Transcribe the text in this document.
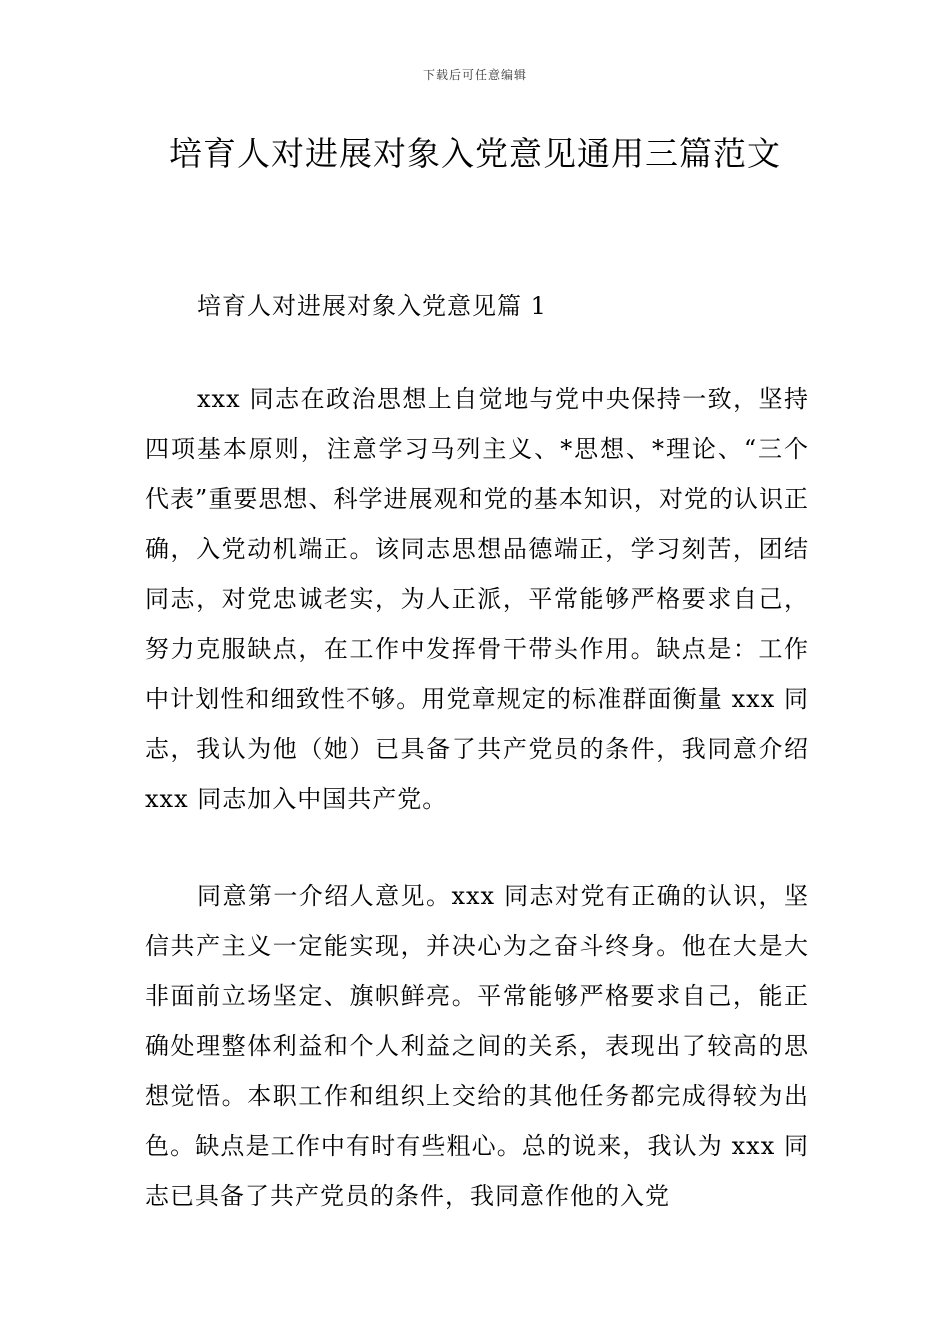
下载后可任意编辑
培育人对进展对象入党意见通用三篇范文
培育人对进展对象入党意见篇 1

xxx 同志在政治思想上自觉地与党中央保持一致，坚持四项基本原则，注意学习马列主义、*思想、*理论、“三个代表”重要思想、科学进展观和党的基本知识，对党的认识正确，入党动机端正。该同志思想品德端正，学习刻苦，团结同志，对党忠诚老实，为人正派，平常能够严格要求自己，努力克服缺点，在工作中发挥骨干带头作用。缺点是：工作中计划性和细致性不够。用党章规定的标准群面衡量 xxx 同志，我认为他（她）已具备了共产党员的条件，我同意介绍 xxx 同志加入中国共产党。

同意第一介绍人意见。xxx 同志对党有正确的认识，坚信共产主义一定能实现，并决心为之奋斗终身。他在大是大非面前立场坚定、旗帜鲜亮。平常能够严格要求自己，能正确处理整体利益和个人利益之间的关系，表现出了较高的思想觉悟。本职工作和组织上交给的其他任务都完成得较为出色。缺点是工作中有时有些粗心。总的说来，我认为 xxx 同志已具备了共产党员的条件，我同意作他的入党
